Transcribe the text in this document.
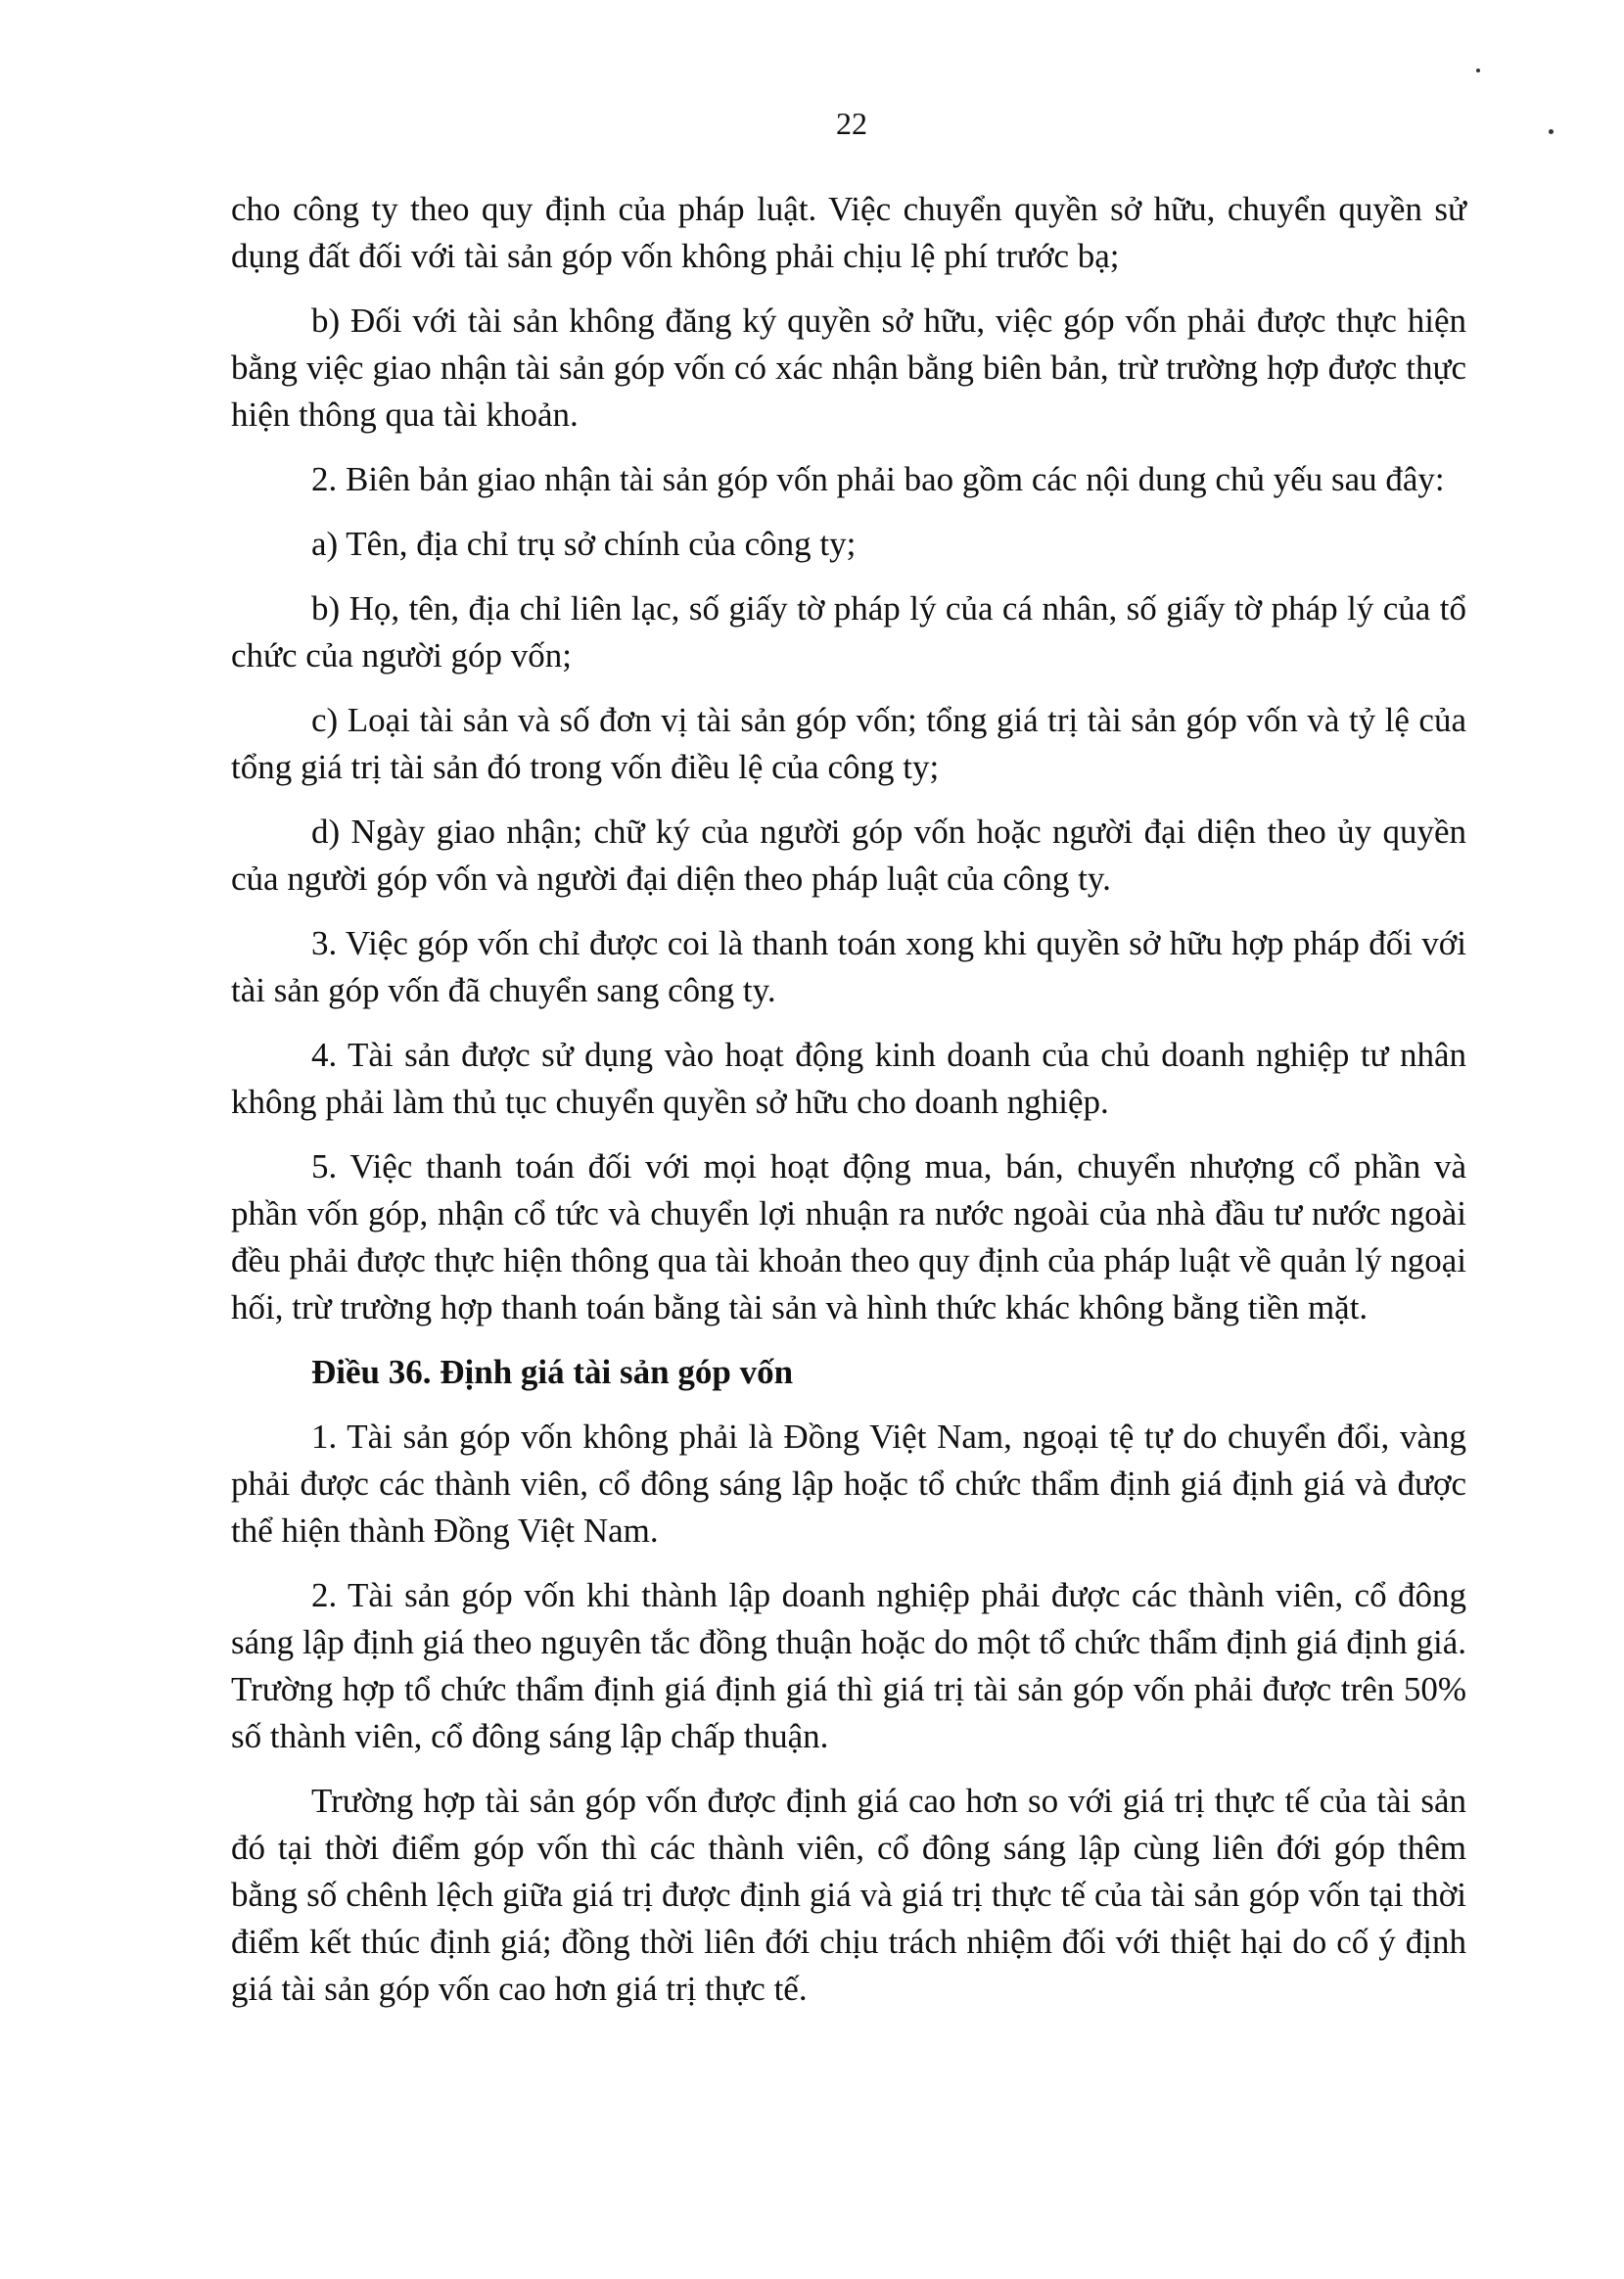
22

cho công ty theo quy định của pháp luật. Việc chuyển quyền sở hữu, chuyển quyền sử dụng đất đối với tài sản góp vốn không phải chịu lệ phí trước bạ;

b) Đối với tài sản không đăng ký quyền sở hữu, việc góp vốn phải được thực hiện bằng việc giao nhận tài sản góp vốn có xác nhận bằng biên bản, trừ trường hợp được thực hiện thông qua tài khoản.

2. Biên bản giao nhận tài sản góp vốn phải bao gồm các nội dung chủ yếu sau đây:

a) Tên, địa chỉ trụ sở chính của công ty;

b) Họ, tên, địa chỉ liên lạc, số giấy tờ pháp lý của cá nhân, số giấy tờ pháp lý của tổ chức của người góp vốn;

c) Loại tài sản và số đơn vị tài sản góp vốn; tổng giá trị tài sản góp vốn và tỷ lệ của tổng giá trị tài sản đó trong vốn điều lệ của công ty;

d) Ngày giao nhận; chữ ký của người góp vốn hoặc người đại diện theo ủy quyền của người góp vốn và người đại diện theo pháp luật của công ty.

3. Việc góp vốn chỉ được coi là thanh toán xong khi quyền sở hữu hợp pháp đối với tài sản góp vốn đã chuyển sang công ty.

4. Tài sản được sử dụng vào hoạt động kinh doanh của chủ doanh nghiệp tư nhân không phải làm thủ tục chuyển quyền sở hữu cho doanh nghiệp.

5. Việc thanh toán đối với mọi hoạt động mua, bán, chuyển nhượng cổ phần và phần vốn góp, nhận cổ tức và chuyển lợi nhuận ra nước ngoài của nhà đầu tư nước ngoài đều phải được thực hiện thông qua tài khoản theo quy định của pháp luật về quản lý ngoại hối, trừ trường hợp thanh toán bằng tài sản và hình thức khác không bằng tiền mặt.

Điều 36. Định giá tài sản góp vốn

1. Tài sản góp vốn không phải là Đồng Việt Nam, ngoại tệ tự do chuyển đổi, vàng phải được các thành viên, cổ đông sáng lập hoặc tổ chức thẩm định giá định giá và được thể hiện thành Đồng Việt Nam.

2. Tài sản góp vốn khi thành lập doanh nghiệp phải được các thành viên, cổ đông sáng lập định giá theo nguyên tắc đồng thuận hoặc do một tổ chức thẩm định giá định giá. Trường hợp tổ chức thẩm định giá định giá thì giá trị tài sản góp vốn phải được trên 50% số thành viên, cổ đông sáng lập chấp thuận.

Trường hợp tài sản góp vốn được định giá cao hơn so với giá trị thực tế của tài sản đó tại thời điểm góp vốn thì các thành viên, cổ đông sáng lập cùng liên đới góp thêm bằng số chênh lệch giữa giá trị được định giá và giá trị thực tế của tài sản góp vốn tại thời điểm kết thúc định giá; đồng thời liên đới chịu trách nhiệm đối với thiệt hại do cố ý định giá tài sản góp vốn cao hơn giá trị thực tế.
